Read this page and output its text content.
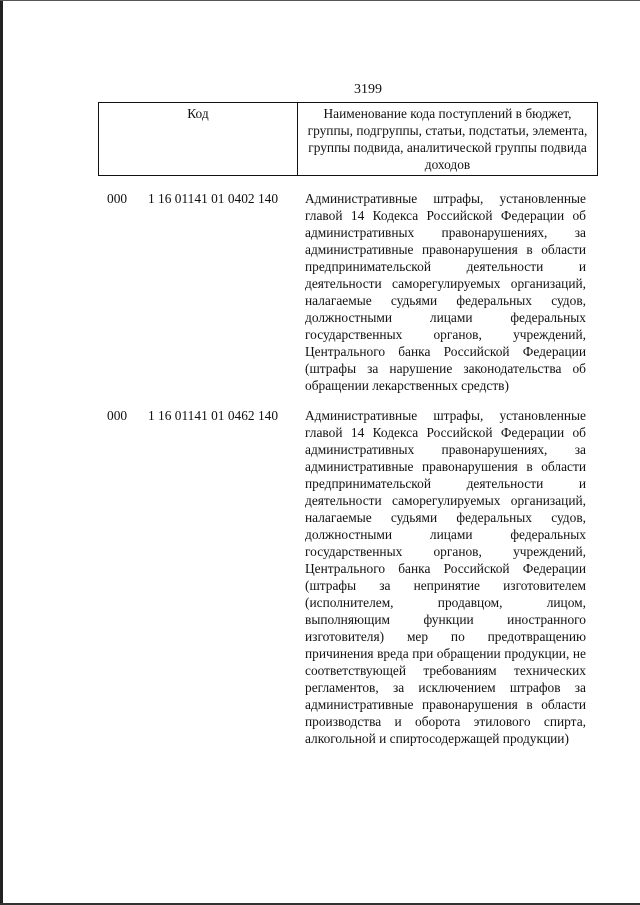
3199
Код	Наименование кода поступлений в бюджет, группы, подгруппы, статьи, подстатьи, элемента, группы подвида, аналитической группы подвида доходов
000 1 16 01141 01 0402 140 Административные штрафы, установленные главой 14 Кодекса Российской Федерации об административных правонарушениях, за административные правонарушения в области предпринимательской деятельности и деятельности саморегулируемых организаций, налагаемые судьями федеральных судов, должностными лицами федеральных государственных органов, учреждений, Центрального банка Российской Федерации (штрафы за нарушение законодательства об обращении лекарственных средств)
000 1 16 01141 01 0462 140 Административные штрафы, установленные главой 14 Кодекса Российской Федерации об административных правонарушениях, за административные правонарушения в области предпринимательской деятельности и деятельности саморегулируемых организаций, налагаемые судьями федеральных судов, должностными лицами федеральных государственных органов, учреждений, Центрального банка Российской Федерации (штрафы за непринятие изготовителем (исполнителем, продавцом, лицом, выполняющим функции иностранного изготовителя) мер по предотвращению причинения вреда при обращении продукции, не соответствующей требованиям технических регламентов, за исключением штрафов за административные правонарушения в области производства и оборота этилового спирта, алкогольной и спиртосодержащей продукции)
